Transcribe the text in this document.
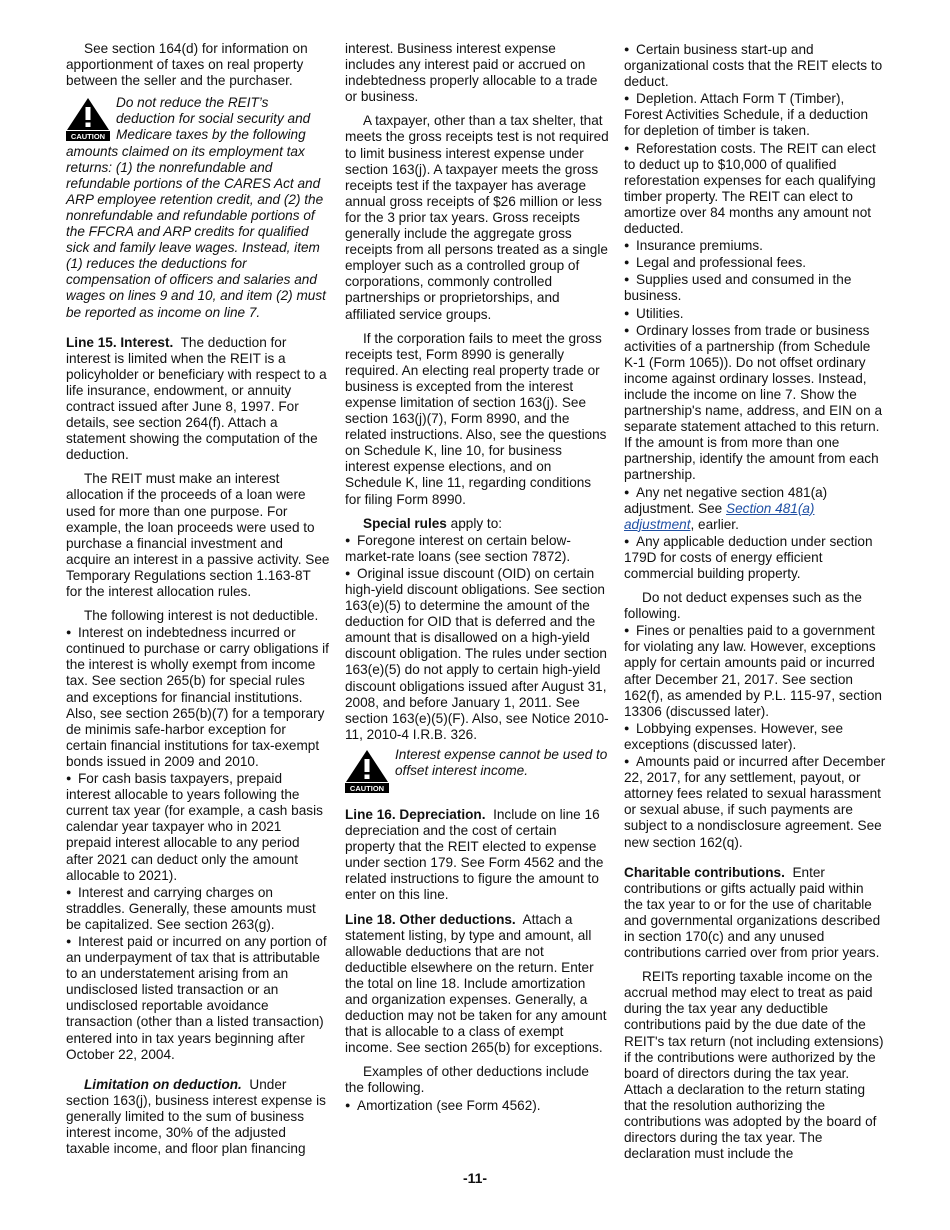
See section 164(d) for information on apportionment of taxes on real property between the seller and the purchaser.

CAUTION
Do not reduce the REIT’s deduction for social security and Medicare taxes by the following amounts claimed on its employment tax returns: (1) the nonrefundable and refundable portions of the CARES Act and ARP employee retention credit, and (2) the nonrefundable and refundable portions of the FFCRA and ARP credits for qualified sick and family leave wages. Instead, item (1) reduces the deductions for compensation of officers and salaries and wages on lines 9 and 10, and item (2) must be reported as income on line 7.

Line 15. Interest. The deduction for interest is limited when the REIT is a policyholder or beneficiary with respect to a life insurance, endowment, or annuity contract issued after June 8, 1997. For details, see section 264(f). Attach a statement showing the computation of the deduction.

The REIT must make an interest allocation if the proceeds of a loan were used for more than one purpose. For example, the loan proceeds were used to purchase a financial investment and acquire an interest in a passive activity. See Temporary Regulations section 1.163-8T for the interest allocation rules.

The following interest is not deductible.

● Interest on indebtedness incurred or continued to purchase or carry obligations if the interest is wholly exempt from income tax. See section 265(b) for special rules and exceptions for financial institutions. Also, see section 265(b)(7) for a temporary de minimis safe-harbor exception for certain financial institutions for tax-exempt bonds issued in 2009 and 2010.

● For cash basis taxpayers, prepaid interest allocable to years following the current tax year (for example, a cash basis calendar year taxpayer who in 2021 prepaid interest allocable to any period after 2021 can deduct only the amount allocable to 2021).

● Interest and carrying charges on straddles. Generally, these amounts must be capitalized. See section 263(g).

● Interest paid or incurred on any portion of an underpayment of tax that is attributable to an understatement arising from an undisclosed listed transaction or an undisclosed reportable avoidance transaction (other than a listed transaction) entered into in tax years beginning after October 22, 2004.

Limitation on deduction. Under section 163(j), business interest expense is generally limited to the sum of business interest income, 30% of the adjusted taxable income, and floor plan financing

interest. Business interest expense includes any interest paid or accrued on indebtedness properly allocable to a trade or business.

A taxpayer, other than a tax shelter, that meets the gross receipts test is not required to limit business interest expense under section 163(j). A taxpayer meets the gross receipts test if the taxpayer has average annual gross receipts of $26 million or less for the 3 prior tax years. Gross receipts generally include the aggregate gross receipts from all persons treated as a single employer such as a controlled group of corporations, commonly controlled partnerships or proprietorships, and affiliated service groups.

If the corporation fails to meet the gross receipts test, Form 8990 is generally required. An electing real property trade or business is excepted from the interest expense limitation of section 163(j). See section 163(j)(7), Form 8990, and the related instructions. Also, see the questions on Schedule K, line 10, for business interest expense elections, and on Schedule K, line 11, regarding conditions for filing Form 8990.

Special rules apply to:

● Foregone interest on certain below-market-rate loans (see section 7872).

● Original issue discount (OID) on certain high-yield discount obligations. See section 163(e)(5) to determine the amount of the deduction for OID that is deferred and the amount that is disallowed on a high-yield discount obligation. The rules under section 163(e)(5) do not apply to certain high-yield discount obligations issued after August 31, 2008, and before January 1, 2011. See section 163(e)(5)(F). Also, see Notice 2010-11, 2010-4 I.R.B. 326.

CAUTION
Interest expense cannot be used to offset interest income.

Line 16. Depreciation. Include on line 16 depreciation and the cost of certain property that the REIT elected to expense under section 179. See Form 4562 and the related instructions to figure the amount to enter on this line.

Line 18. Other deductions. Attach a statement listing, by type and amount, all allowable deductions that are not deductible elsewhere on the return. Enter the total on line 18. Include amortization and organization expenses. Generally, a deduction may not be taken for any amount that is allocable to a class of exempt income. See section 265(b) for exceptions.

Examples of other deductions include the following.

● Amortization (see Form 4562).

● Certain business start-up and organizational costs that the REIT elects to deduct.

● Depletion. Attach Form T (Timber), Forest Activities Schedule, if a deduction for depletion of timber is taken.

● Reforestation costs. The REIT can elect to deduct up to $10,000 of qualified reforestation expenses for each qualifying timber property. The REIT can elect to amortize over 84 months any amount not deducted.

● Insurance premiums.

● Legal and professional fees.

● Supplies used and consumed in the business.

● Utilities.

● Ordinary losses from trade or business activities of a partnership (from Schedule K-1 (Form 1065)). Do not offset ordinary income against ordinary losses. Instead, include the income on line 7. Show the partnership's name, address, and EIN on a separate statement attached to this return. If the amount is from more than one partnership, identify the amount from each partnership.

● Any net negative section 481(a) adjustment. See Section 481(a) adjustment, earlier.

● Any applicable deduction under section 179D for costs of energy efficient commercial building property.

Do not deduct expenses such as the following.

● Fines or penalties paid to a government for violating any law. However, exceptions apply for certain amounts paid or incurred after December 21, 2017. See section 162(f), as amended by P.L. 115-97, section 13306 (discussed later).

● Lobbying expenses. However, see exceptions (discussed later).

● Amounts paid or incurred after December 22, 2017, for any settlement, payout, or attorney fees related to sexual harassment or sexual abuse, if such payments are subject to a nondisclosure agreement. See new section 162(q).

Charitable contributions. Enter contributions or gifts actually paid within the tax year to or for the use of charitable and governmental organizations described in section 170(c) and any unused contributions carried over from prior years.

REITs reporting taxable income on the accrual method may elect to treat as paid during the tax year any deductible contributions paid by the due date of the REIT's tax return (not including extensions) if the contributions were authorized by the board of directors during the tax year. Attach a declaration to the return stating that the resolution authorizing the contributions was adopted by the board of directors during the tax year. The declaration must include the

-11-
